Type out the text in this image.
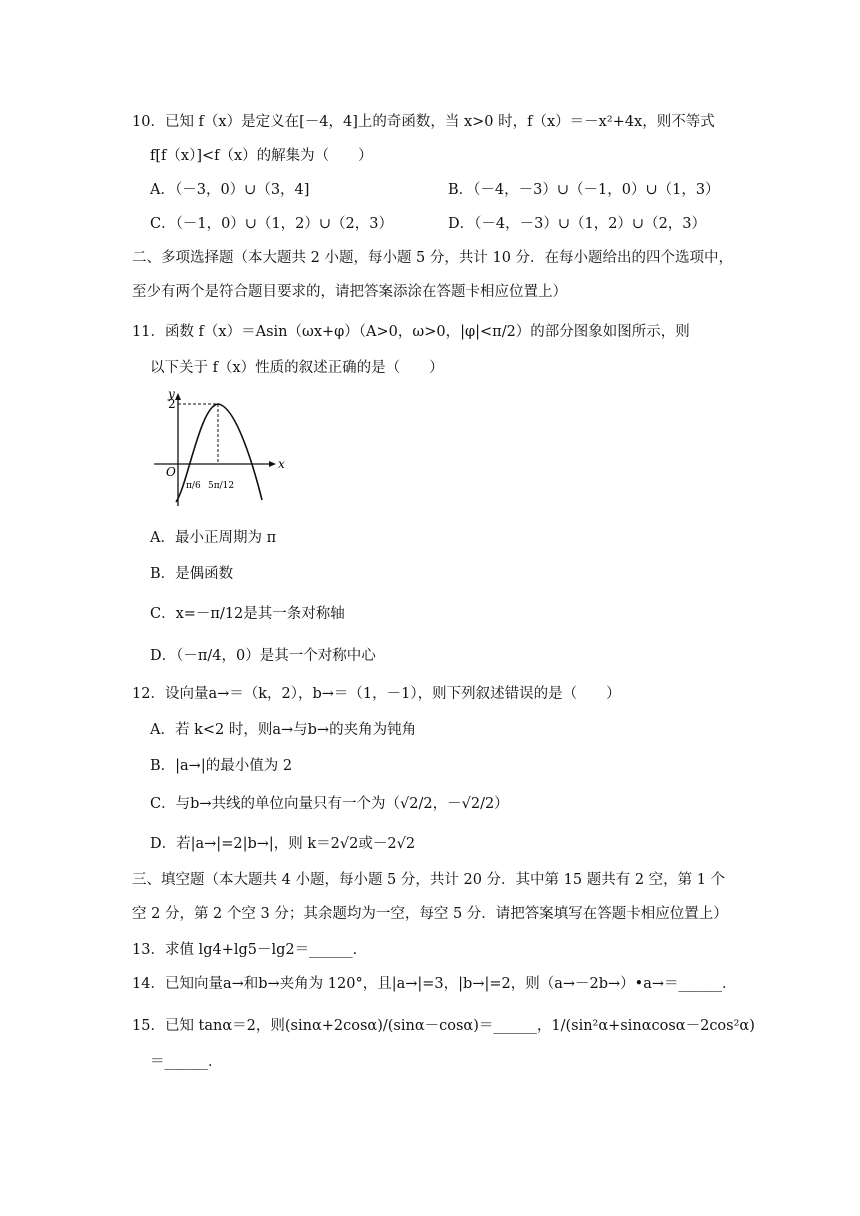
10．已知 f（x）是定义在[－4，4]上的奇函数，当 x>0 时，f（x）＝－x²+4x，则不等式
f[f（x）]<f（x）的解集为（　　）
A．（－3，0）∪（3，4]	B．（－4，－3）∪（－1，0）∪（1，3）
C．（－1，0）∪（1，2）∪（2，3）	D．（－4，－3）∪（1，2）∪（2，3）
二、多项选择题（本大题共 2 小题，每小题 5 分，共计 10 分．在每小题给出的四个选项中，
至少有两个是符合题目要求的，请把答案添涂在答题卡相应位置上）
11．函数 f（x）＝Asin（ωx+φ）（A>0，ω>0，|φ|<π/2）的部分图象如图所示，则
以下关于 f（x）性质的叙述正确的是（　　）
y
x
O
2
π/6 5π/12
A．最小正周期为 π
B．是偶函数
C．x=－π/12是其一条对称轴
D．（－π/4，0）是其一个对称中心
12．设向量a→＝（k，2），b→＝（1，－1），则下列叙述错误的是（　　）
A．若 k<2 时，则a→与b→的夹角为钝角
B．|a→|的最小值为 2
C．与b→共线的单位向量只有一个为（√2/2，－√2/2）
D．若|a→|=2|b→|，则 k＝2√2或－2√2
三、填空题（本大题共 4 小题，每小题 5 分，共计 20 分．其中第 15 题共有 2 空，第 1 个
空 2 分，第 2 个空 3 分；其余题均为一空，每空 5 分．请把答案填写在答题卡相应位置上）
13．求值 lg4+lg5－lg2＝______．
14．已知向量a→和b→夹角为 120°，且|a→|=3，|b→|=2，则（a→－2b→）•a→＝______．
15．已知 tanα＝2，则(sinα+2cosα)/(sinα－cosα)＝______，1/(sin²α+sinαcosα－2cos²α)
＝______．
